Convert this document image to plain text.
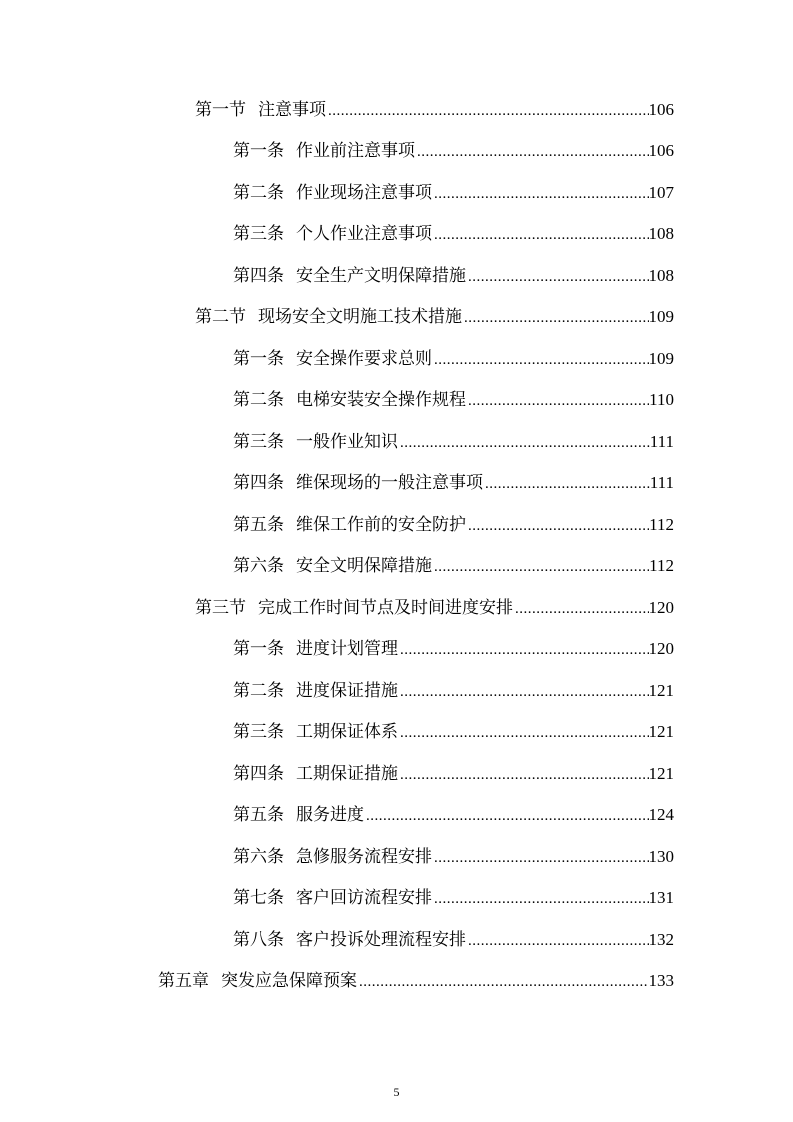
第一节 注意事项 .....	106
第一条 作业前注意事项 .....	106
第二条 作业现场注意事项 .....	107
第三条 个人作业注意事项 .....	108
第四条 安全生产文明保障措施 .....	108
第二节 现场安全文明施工技术措施 .....	109
第一条 安全操作要求总则 .....	109
第二条 电梯安装安全操作规程 .....	110
第三条 一般作业知识 .....	111
第四条 维保现场的一般注意事项 .....	111
第五条 维保工作前的安全防护 .....	112
第六条 安全文明保障措施 .....	112
第三节 完成工作时间节点及时间进度安排 .....	120
第一条 进度计划管理 .....	120
第二条 进度保证措施 .....	121
第三条 工期保证体系 .....	121
第四条 工期保证措施 .....	121
第五条 服务进度 .....	124
第六条 急修服务流程安排 .....	130
第七条 客户回访流程安排 .....	131
第八条 客户投诉处理流程安排 .....	132
第五章 突发应急保障预案 .....	133
5
